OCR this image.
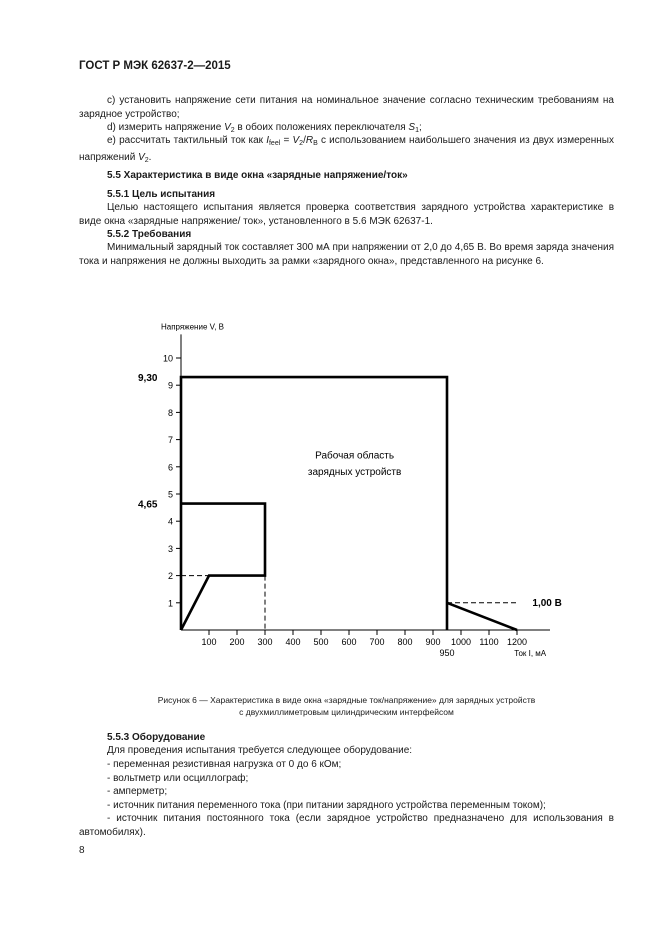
ГОСТ Р МЭК 62637-2—2015
с) установить напряжение сети питания на номинальное значение согласно техническим требованиям на зарядное устройство;
d) измерить напряжение $V_2$ в обоих положениях переключателя $S_1$;
е) рассчитать тактильный ток как $I_{feel} = V_2/R_B$ с использованием наибольшего значения из двух измеренных напряжений $V_2$.
5.5 Характеристика в виде окна «зарядные напряжение/ток»
5.5.1 Цель испытания
Целью настоящего испытания является проверка соответствия зарядного устройства характеристике в виде окна «зарядные напряжение/ ток», установленного в 5.6 МЭК 62637-1.
5.5.2 Требования
Минимальный зарядный ток составляет 300 мА при напряжении от 2,0 до 4,65 В. Во время заряда значения тока и напряжения не должны выходить за рамки «зарядного окна», представленного на рисунке 6.
1
2
3
4
5
6
7
8
9
10
100 200 300 400 500 600 700 800 900 1000 1100 1200
Напряжение V, В
Ток I, мА
950
9,30
4,65
1,00 В
Рабочая область
зарядных устройств
Рисунок 6 — Характеристика в виде окна «зарядные ток/напряжение» для зарядных устройств
с двухмиллиметровым цилиндрическим интерфейсом
5.5.3 Оборудование
Для проведения испытания требуется следующее оборудование:
- переменная резистивная нагрузка от 0 до 6 кОм;
- вольтметр или осциллограф;
- амперметр;
- источник питания переменного тока (при питании зарядного устройства переменным током);
- источник питания постоянного тока (если зарядное устройство предназначено для использования в автомобилях).
8
